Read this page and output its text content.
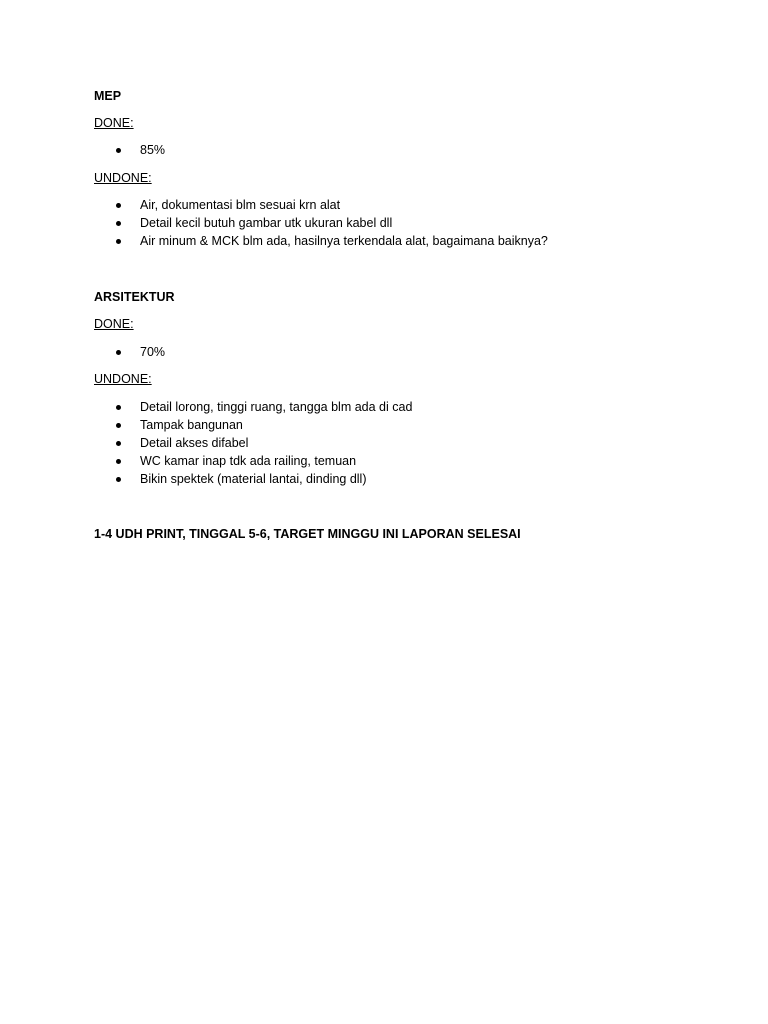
MEP

DONE:

85%

UNDONE:

Air, dokumentasi blm sesuai krn alat
Detail kecil butuh gambar utk ukuran kabel dll
Air minum & MCK blm ada, hasilnya terkendala alat, bagaimana baiknya?

ARSITEKTUR

DONE:

70%

UNDONE:

Detail lorong, tinggi ruang, tangga blm ada di cad
Tampak bangunan
Detail akses difabel
WC kamar inap tdk ada railing, temuan
Bikin spektek (material lantai, dinding dll)

1-4 UDH PRINT, TINGGAL 5-6, TARGET MINGGU INI LAPORAN SELESAI
